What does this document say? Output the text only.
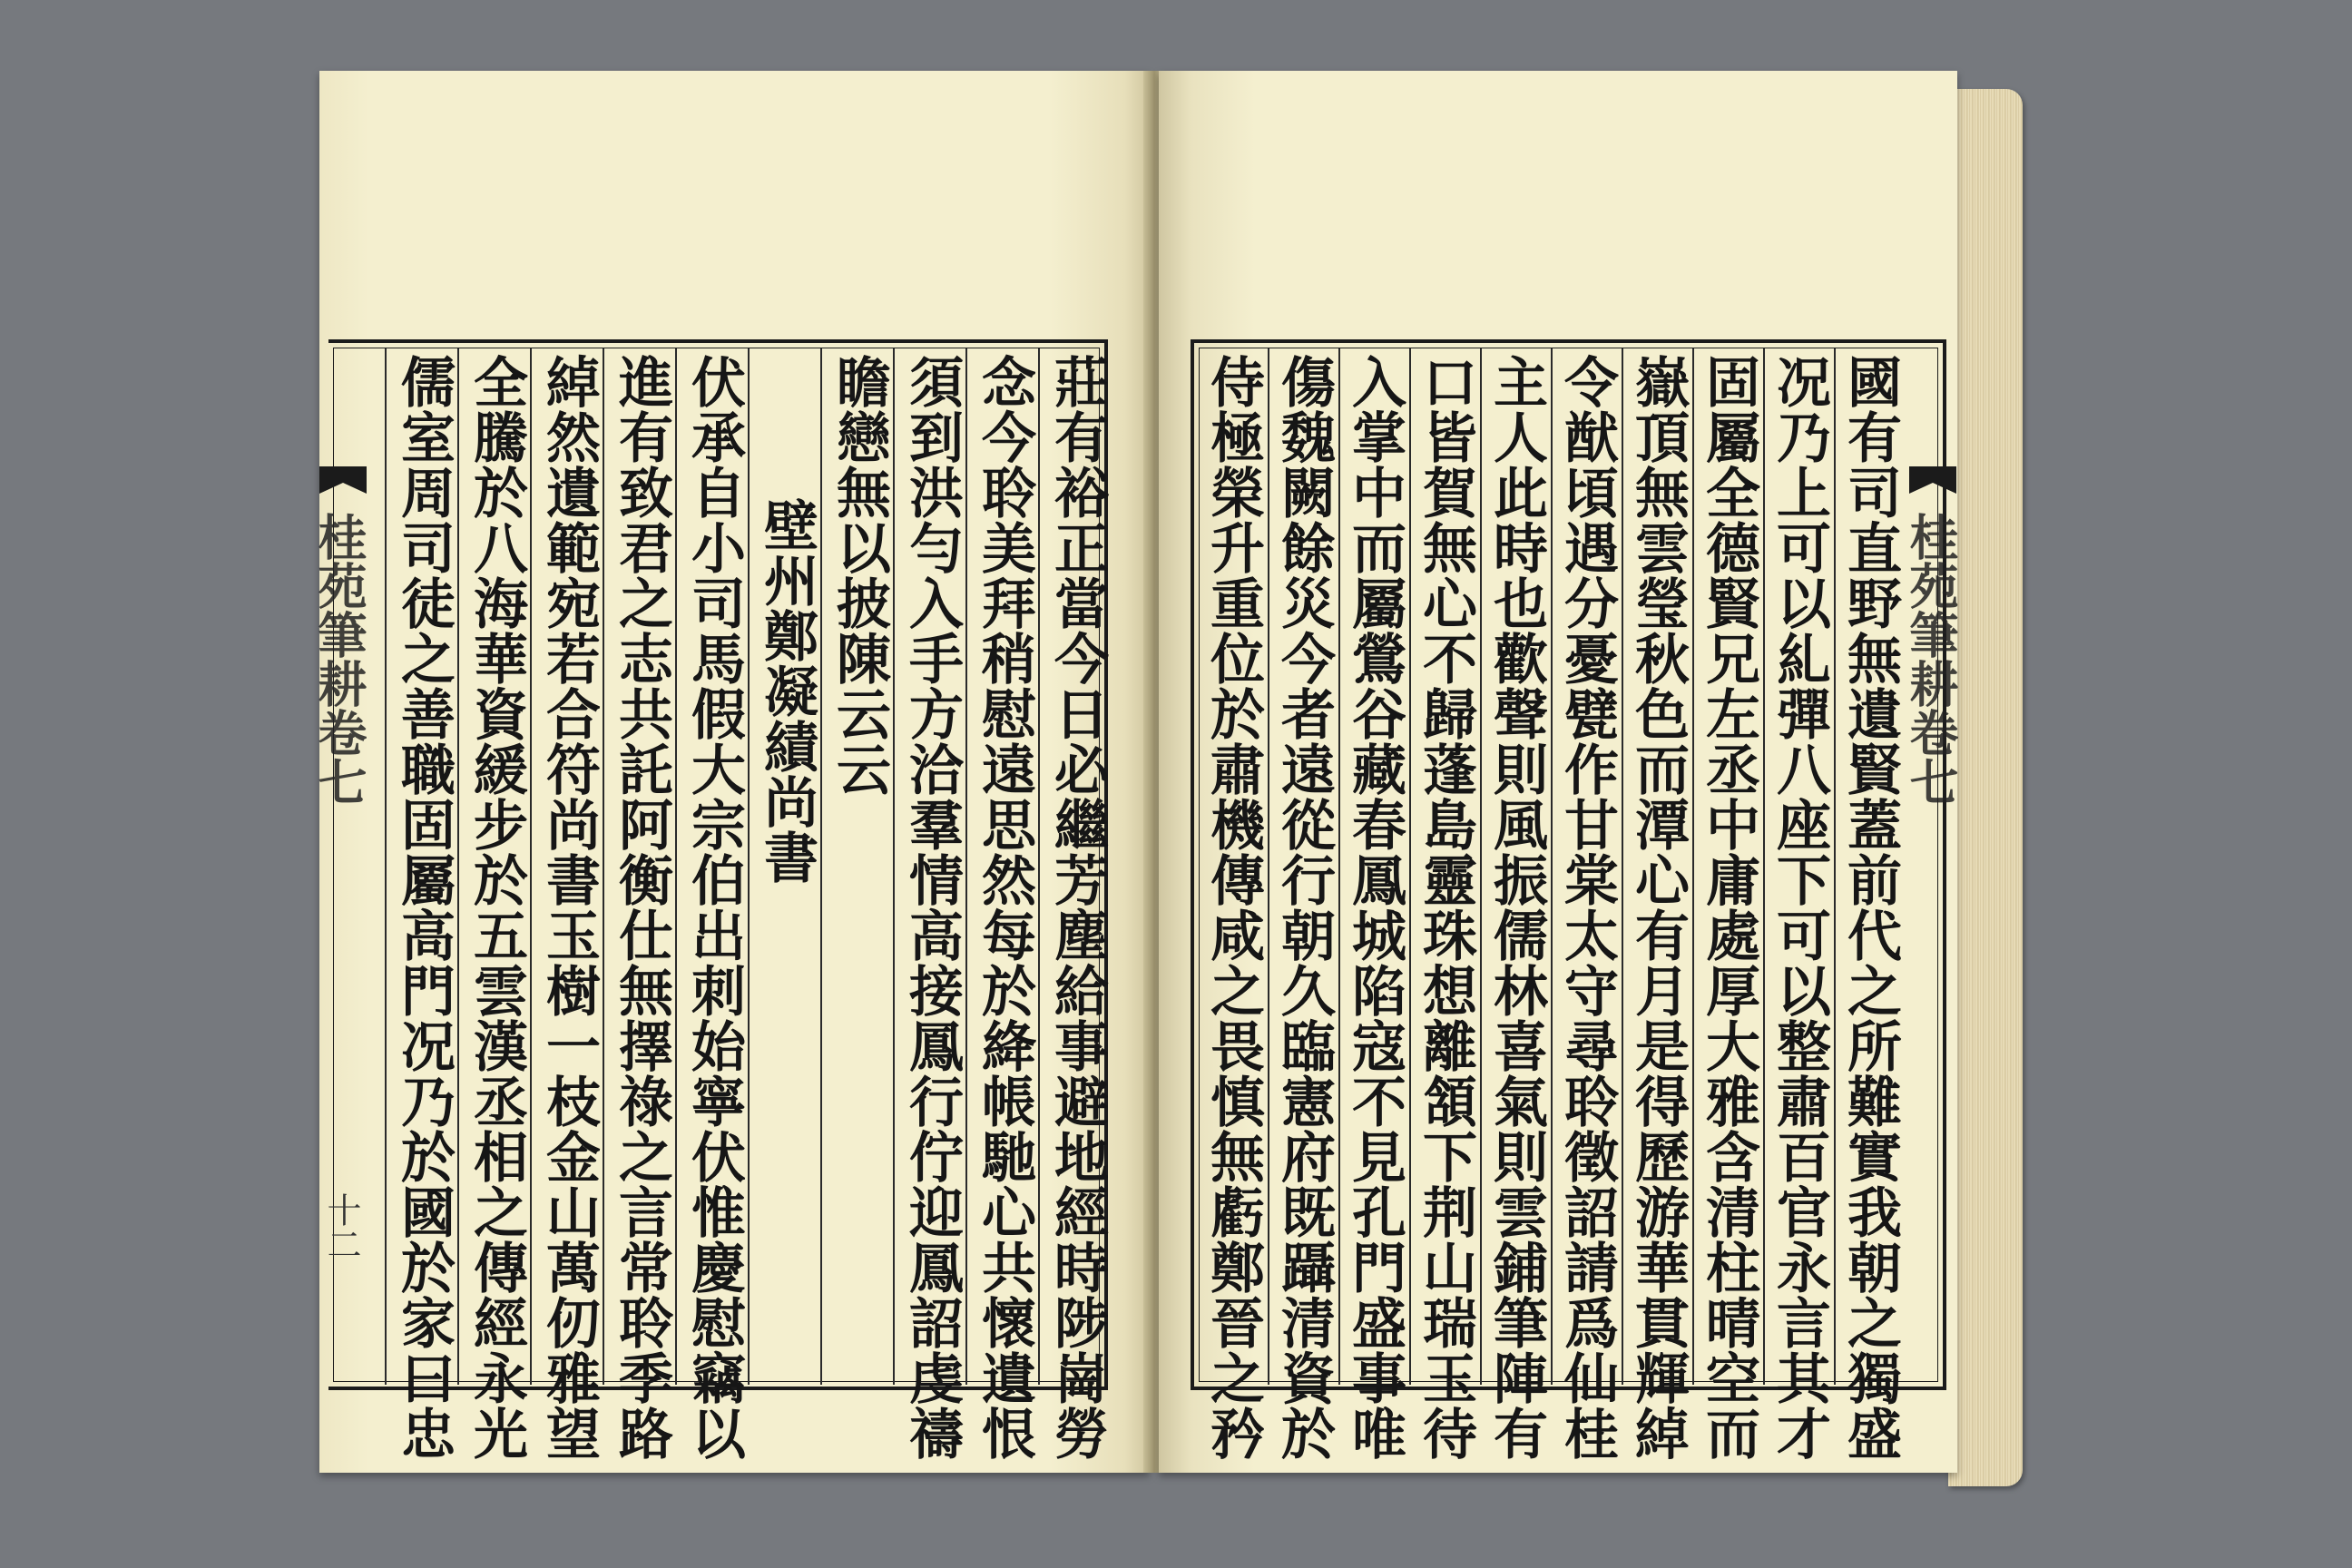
桂苑筆耕卷七
十二 儒室周司徒之善職固屬高門况乃於國於家曰忠 全騰於八海華資緩步於五雲漢丞相之傳經永光 綽然遺範宛若合符尚書玉樹一枝金山萬仞雅望 進有致君之志共託阿衡仕無擇祿之言常聆季路 伏承自小司馬假大宗伯出刺始寧伏惟慶慰竊以 壁州鄭凝績尚書 瞻戀無以披陳云云 須到洪勻入手方洽羣情高接鳳行佇迎鳳詔虔禱 念今聆美拜稍慰遠思然每於絳帳馳心共懷遺恨 莊有裕正當今日必繼芳塵給事避地經時陟崗勞 侍極榮升重位於肅機傳咸之畏慎無虧鄭晉之矜 傷魏闕餘災今者遠從行朝久臨憲府既躡清資於 入掌中而屬鶯谷藏春鳳城陷寇不見孔門盛事唯 口皆賀無心不歸蓬島靈珠想離頷下荆山瑞玉待 主人此時也歡聲則風振儒林喜氣則雲鋪筆陣有 令猷頃遇分憂甓作甘棠太守尋聆徵詔請爲仙桂 嶽頂無雲瑩秋色而潭心有月是得歷游華貫輝綽 固屬全德賢兄左丞中庸處厚大雅含清柱晴空而 况乃上可以糺彈八座下可以整肅百官永言其才 國有司直野無遺賢蓋前代之所難實我朝之獨盛 桂苑筆耕卷七
